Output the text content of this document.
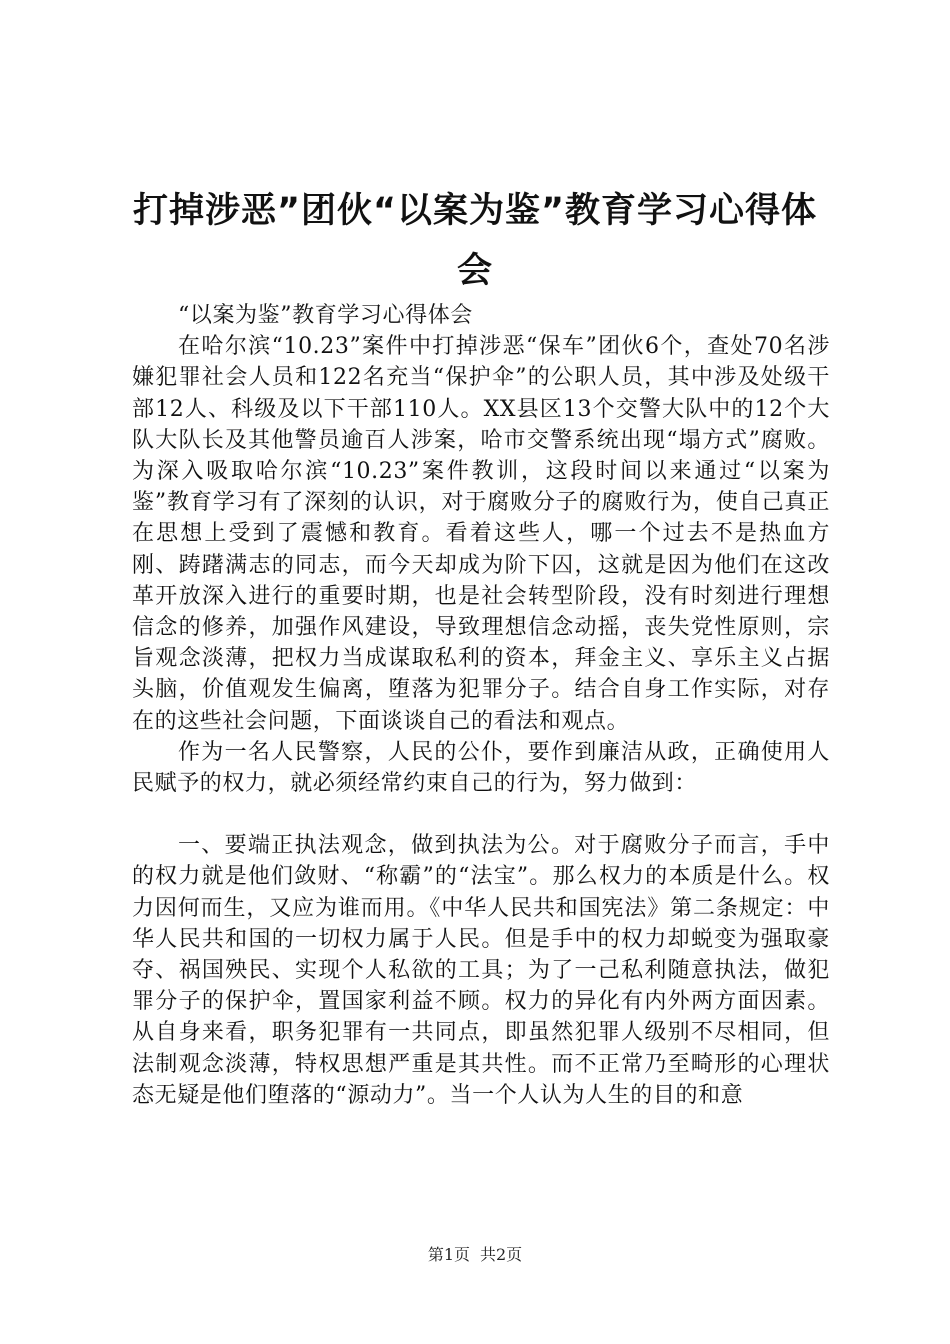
打掉涉恶”团伙“以案为鉴”教育学习心得体会

“以案为鉴”教育学习心得体会

在哈尔滨“10.23”案件中打掉涉恶“保车”团伙6个，查处70名涉嫌犯罪社会人员和122名充当“保护伞”的公职人员，其中涉及处级干部12人、科级及以下干部110人。XX县区13个交警大队中的12个大队大队长及其他警员逾百人涉案，哈市交警系统出现“塌方式”腐败。为深入吸取哈尔滨“10.23”案件教训，这段时间以来通过“以案为鉴”教育学习有了深刻的认识，对于腐败分子的腐败行为，使自己真正在思想上受到了震憾和教育。看着这些人，哪一个过去不是热血方刚、踌躇满志的同志，而今天却成为阶下囚，这就是因为他们在这改革开放深入进行的重要时期，也是社会转型阶段，没有时刻进行理想信念的修养，加强作风建设，导致理想信念动摇，丧失党性原则，宗旨观念淡薄，把权力当成谋取私利的资本，拜金主义、享乐主义占据头脑，价值观发生偏离，堕落为犯罪分子。结合自身工作实际，对存在的这些社会问题，下面谈谈自己的看法和观点。

作为一名人民警察，人民的公仆，要作到廉洁从政，正确使用人民赋予的权力，就必须经常约束自己的行为，努力做到：

一、要端正执法观念，做到执法为公。对于腐败分子而言，手中的权力就是他们敛财、“称霸”的“法宝”。那么权力的本质是什么。权力因何而生，又应为谁而用。《中华人民共和国宪法》第二条规定：中华人民共和国的一切权力属于人民。但是手中的权力却蜕变为强取豪夺、祸国殃民、实现个人私欲的工具；为了一己私利随意执法，做犯罪分子的保护伞，置国家利益不顾。权力的异化有内外两方面因素。从自身来看，职务犯罪有一共同点，即虽然犯罪人级别不尽相同，但法制观念淡薄，特权思想严重是其共性。而不正常乃至畸形的心理状态无疑是他们堕落的“源动力”。当一个人认为人生的目的和意

第1页 共2页
